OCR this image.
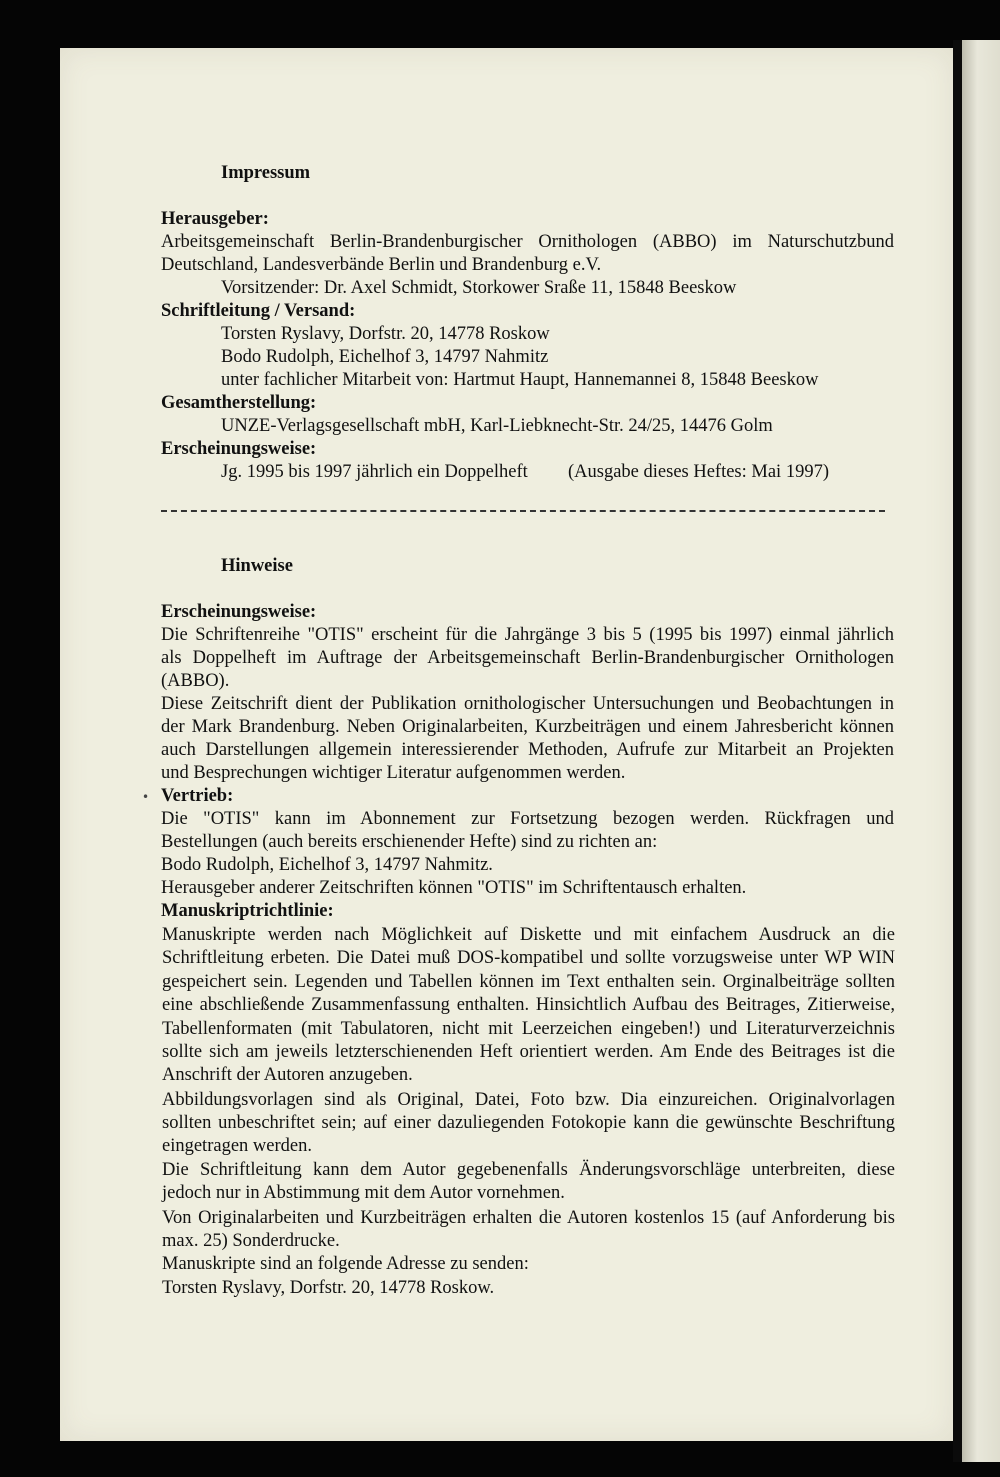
Impressum
Herausgeber:
Arbeitsgemeinschaft Berlin-Brandenburgischer Ornithologen (ABBO) im Naturschutzbund
Deutschland, Landesverbände Berlin und Brandenburg e.V.
Vorsitzender: Dr. Axel Schmidt, Storkower Sraße 11, 15848 Beeskow
Schriftleitung / Versand:
Torsten Ryslavy, Dorfstr. 20, 14778 Roskow
Bodo Rudolph, Eichelhof 3, 14797 Nahmitz
unter fachlicher Mitarbeit von: Hartmut Haupt, Hannemannei 8, 15848 Beeskow
Gesamtherstellung:
UNZE-Verlagsgesellschaft mbH, Karl-Liebknecht-Str. 24/25, 14476 Golm
Erscheinungsweise:
Jg. 1995 bis 1997 jährlich ein Doppelheft (Ausgabe dieses Heftes: Mai 1997)
Hinweise
Erscheinungsweise:
Die Schriftenreihe "OTIS" erscheint für die Jahrgänge 3 bis 5 (1995 bis 1997) einmal jährlich
als Doppelheft im Auftrage der Arbeitsgemeinschaft Berlin-Brandenburgischer Ornithologen
(ABBO).
Diese Zeitschrift dient der Publikation ornithologischer Untersuchungen und Beobachtungen in
der Mark Brandenburg. Neben Originalarbeiten, Kurzbeiträgen und einem Jahresbericht können
auch Darstellungen allgemein interessierender Methoden, Aufrufe zur Mitarbeit an Projekten
und Besprechungen wichtiger Literatur aufgenommen werden.
• Vertrieb:
Die "OTIS" kann im Abonnement zur Fortsetzung bezogen werden. Rückfragen und
Bestellungen (auch bereits erschienender Hefte) sind zu richten an:
Bodo Rudolph, Eichelhof 3, 14797 Nahmitz.
Herausgeber anderer Zeitschriften können "OTIS" im Schriftentausch erhalten.
Manuskriptrichtlinie:
Manuskripte werden nach Möglichkeit auf Diskette und mit einfachem Ausdruck an die
Schriftleitung erbeten. Die Datei muß DOS-kompatibel und sollte vorzugsweise unter WP WIN
gespeichert sein. Legenden und Tabellen können im Text enthalten sein. Orginalbeiträge sollten
eine abschließende Zusammenfassung enthalten. Hinsichtlich Aufbau des Beitrages, Zitierweise,
Tabellenformaten (mit Tabulatoren, nicht mit Leerzeichen eingeben!) und Literaturverzeichnis
sollte sich am jeweils letzterschienenden Heft orientiert werden. Am Ende des Beitrages ist die
Anschrift der Autoren anzugeben.
Abbildungsvorlagen sind als Original, Datei, Foto bzw. Dia einzureichen. Originalvorlagen
sollten unbeschriftet sein; auf einer dazuliegenden Fotokopie kann die gewünschte Beschriftung
eingetragen werden.
Die Schriftleitung kann dem Autor gegebenenfalls Änderungsvorschläge unterbreiten, diese
jedoch nur in Abstimmung mit dem Autor vornehmen.
Von Originalarbeiten und Kurzbeiträgen erhalten die Autoren kostenlos 15 (auf Anforderung bis
max. 25) Sonderdrucke.
Manuskripte sind an folgende Adresse zu senden:
Torsten Ryslavy, Dorfstr. 20, 14778 Roskow.
